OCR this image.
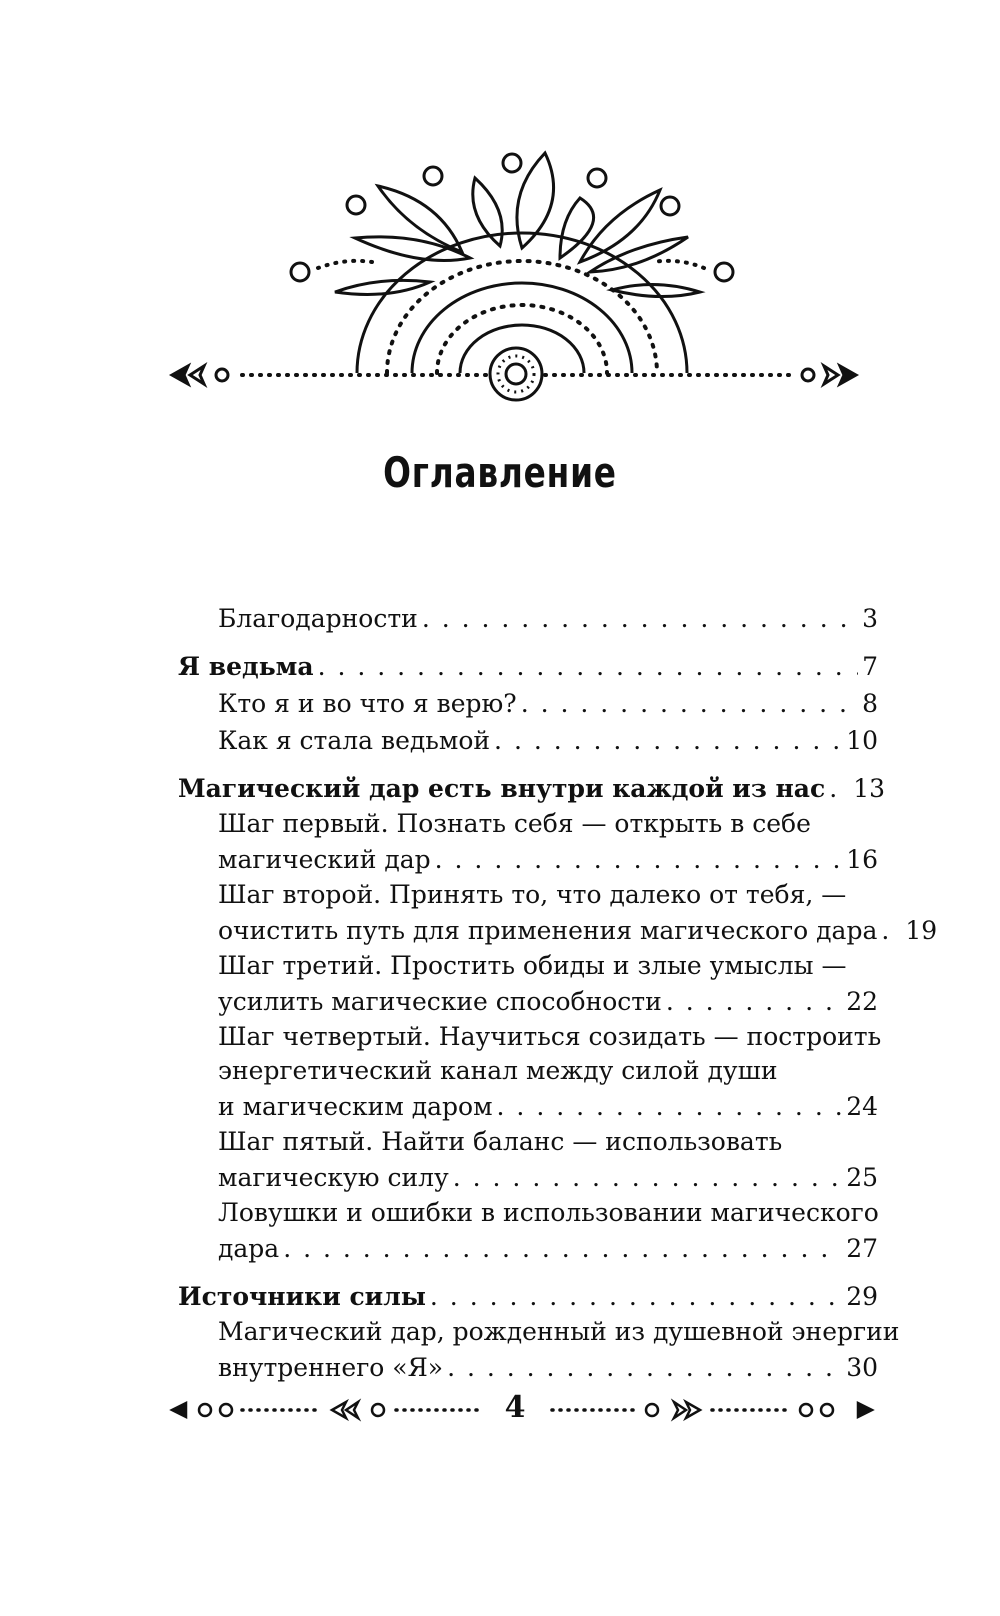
Оглавление
Благодарности . . .	3
Я ведьма . . .	7
Кто я и во что я верю? . . .	8
Как я стала ведьмой . . .	10
Магический дар есть внутри каждой из нас . . . 13
Шаг первый. Познать себя — открыть в себе
магический дар . . .	16
Шаг второй. Принять то, что далеко от тебя, —
очистить путь для применения магического дара . . . 19
Шаг третий. Простить обиды и злые умыслы —
усилить магические способности . . .	22
Шаг четвертый. Научиться созидать — построить
энергетический канал между силой души
и магическим даром . . .	24
Шаг пятый. Найти баланс — использовать
магическую силу . . .	25
Ловушки и ошибки в использовании магического
дара . . .	27
Источники силы . . .	29
Магический дар, рожденный из душевной энергии
внутреннего «Я» . . .	30
4
